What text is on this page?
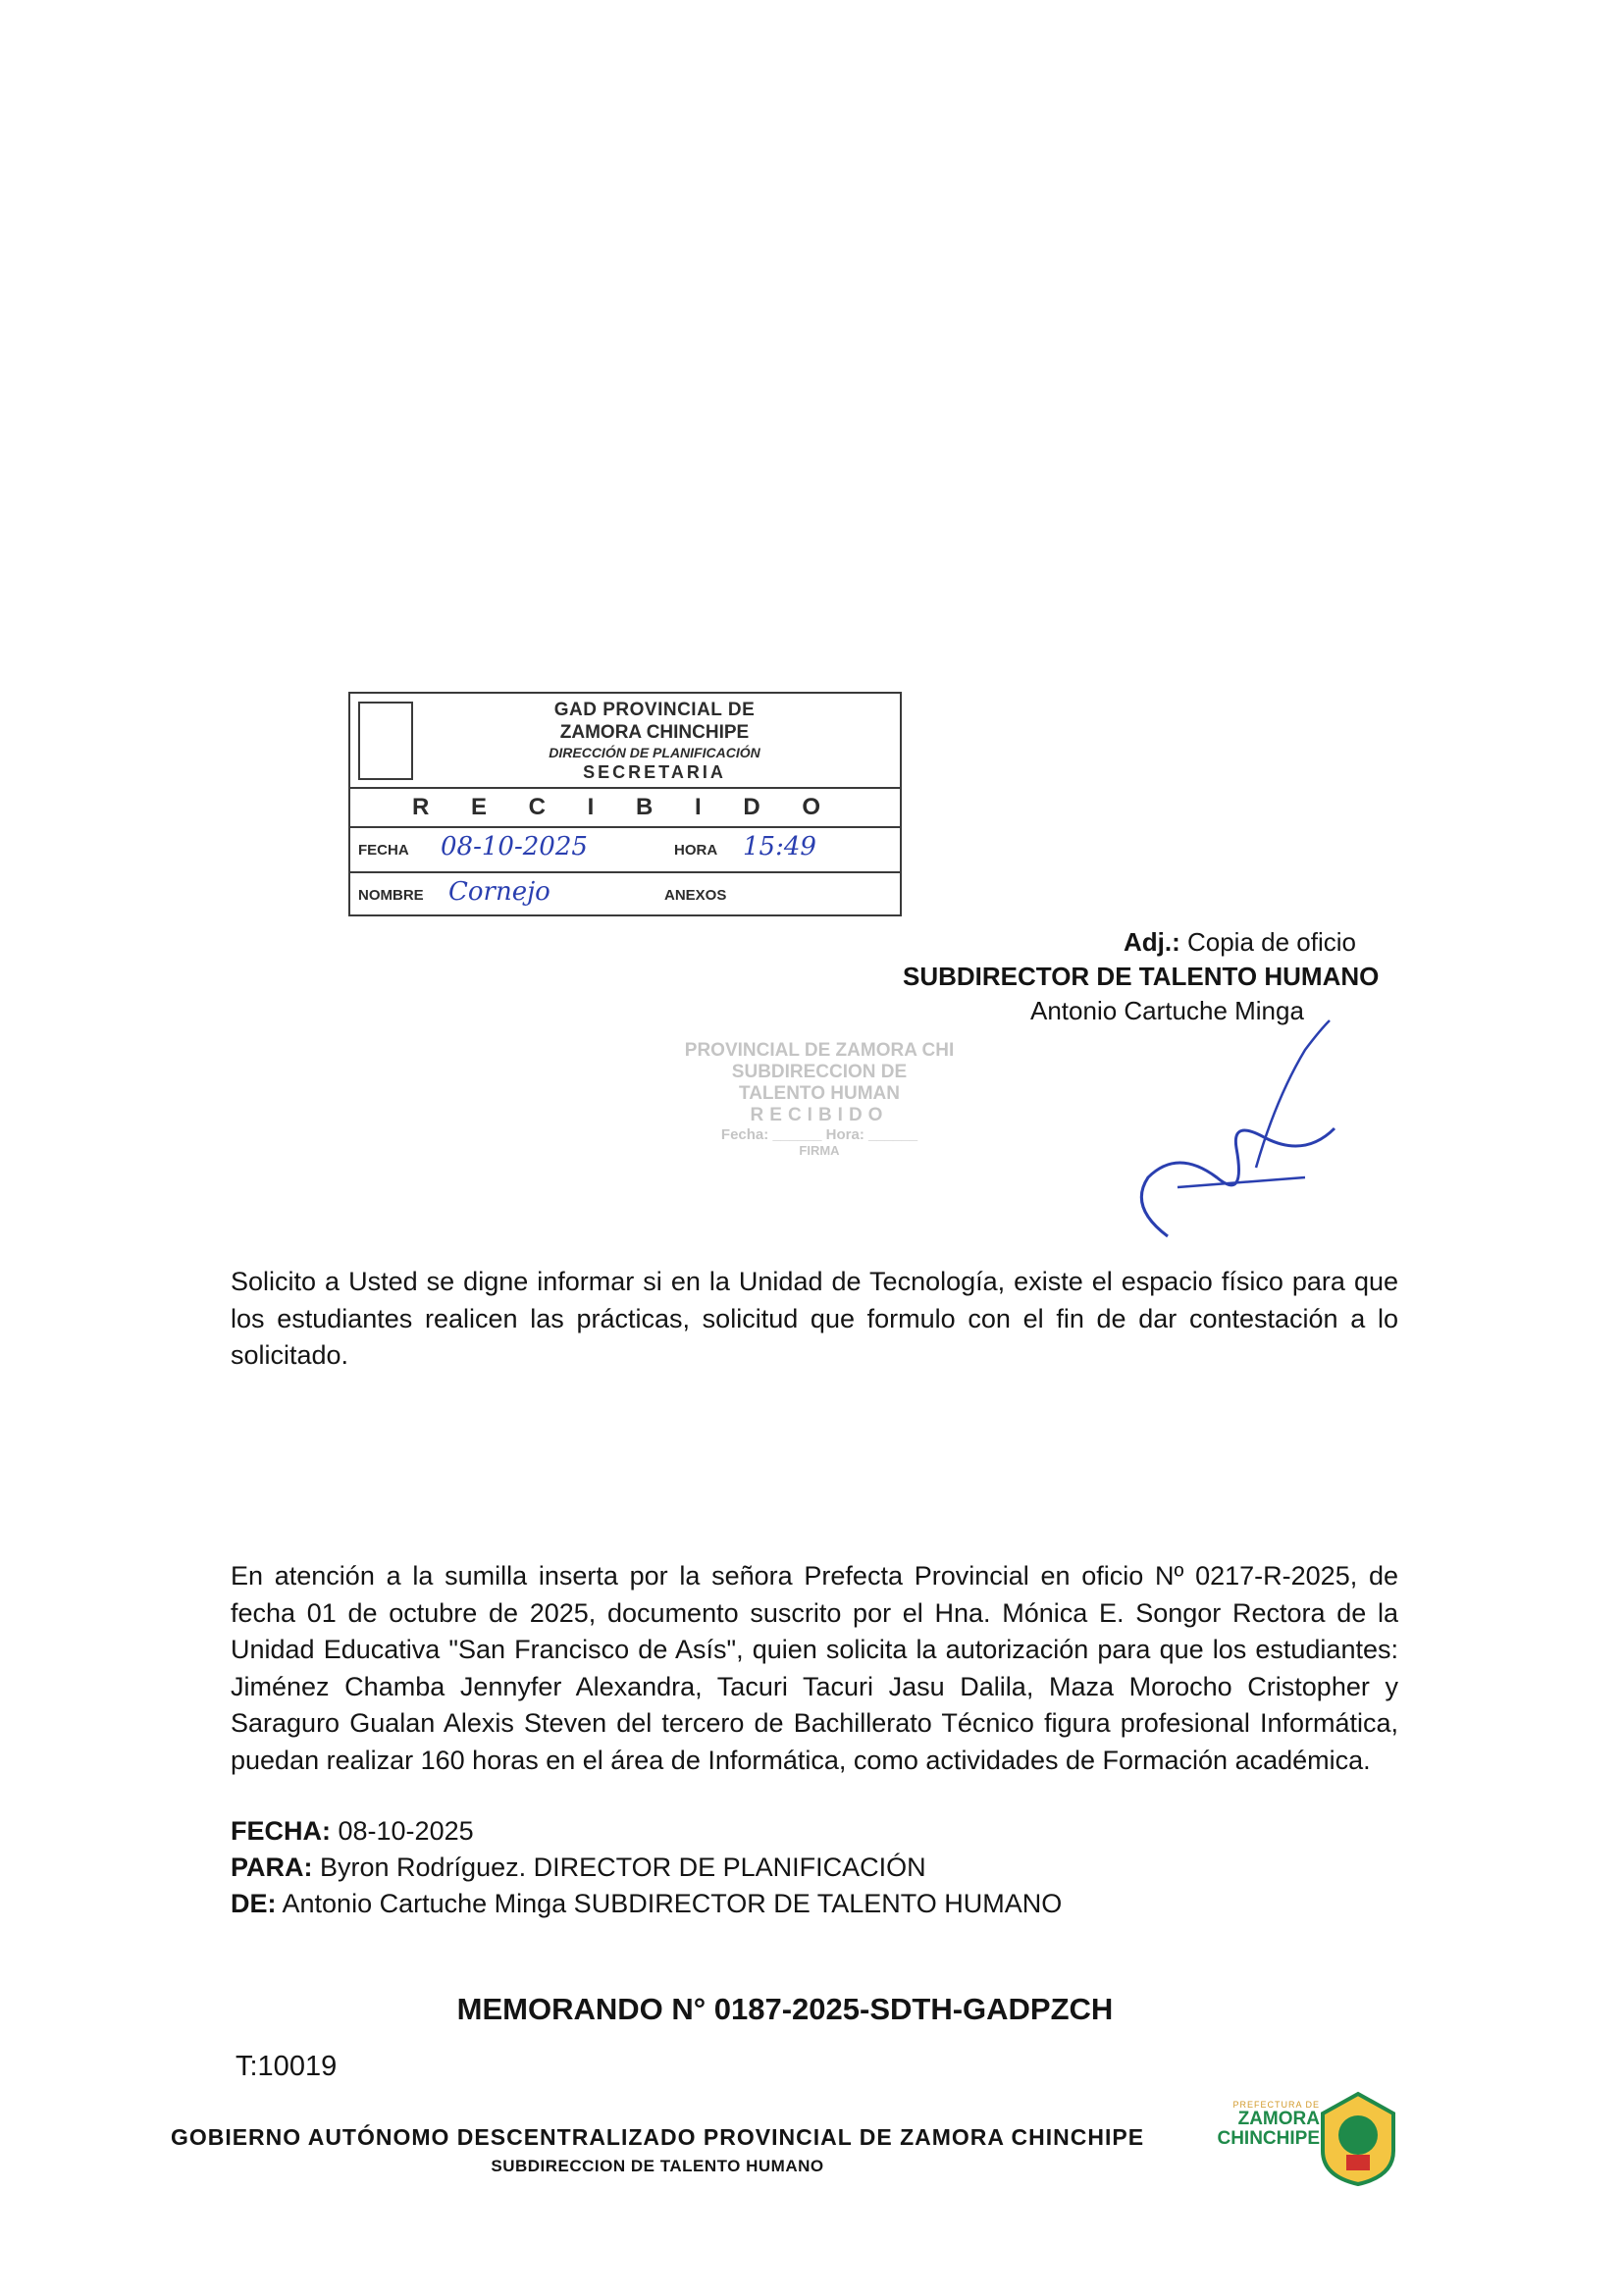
PREFECTURA DE
ZAMORA
CHINCHIPE
GOBIERNO AUTÓNOMO DESCENTRALIZADO PROVINCIAL DE ZAMORA CHINCHIPE
SUBDIRECCION DE TALENTO HUMANO
T:10019
MEMORANDO N° 0187-2025-SDTH-GADPZCH
DE: Antonio Cartuche Minga SUBDIRECTOR DE TALENTO HUMANO
PARA: Byron Rodríguez. DIRECTOR DE PLANIFICACIÓN
FECHA: 08-10-2025
En atención a la sumilla inserta por la señora Prefecta Provincial en oficio Nº 0217-R-2025, de fecha 01 de octubre de 2025, documento suscrito por el Hna. Mónica E. Songor Rectora de la Unidad Educativa "San Francisco de Asís", quien solicita la autorización para que los estudiantes: Jiménez Chamba Jennyfer Alexandra, Tacuri Tacuri Jasu Dalila, Maza Morocho Cristopher y Saraguro Gualan Alexis Steven del tercero de Bachillerato Técnico figura profesional Informática, puedan realizar 160 horas en el área de Informática, como actividades de Formación académica.
Solicito a Usted se digne informar si en la Unidad de Tecnología, existe el espacio físico para que los estudiantes realicen las prácticas, solicitud que formulo con el fin de dar contestación a lo solicitado.
PROVINCIAL DE ZAMORA CHI
SUBDIRECCION DE
TALENTO HUMAN
RECIBIDO
Fecha: ______ Hora: ______
FIRMA
Antonio Cartuche Minga
SUBDIRECTOR DE TALENTO HUMANO
Adj.: Copia de oficio
GAD PROVINCIAL DE
ZAMORA CHINCHIPE
DIRECCIÓN DE PLANIFICACIÓN
SECRETARIA
R E C I B I D O
FECHA 08-10-2025	HORA 15:49
NOMBRE Cornejo	ANEXOS
